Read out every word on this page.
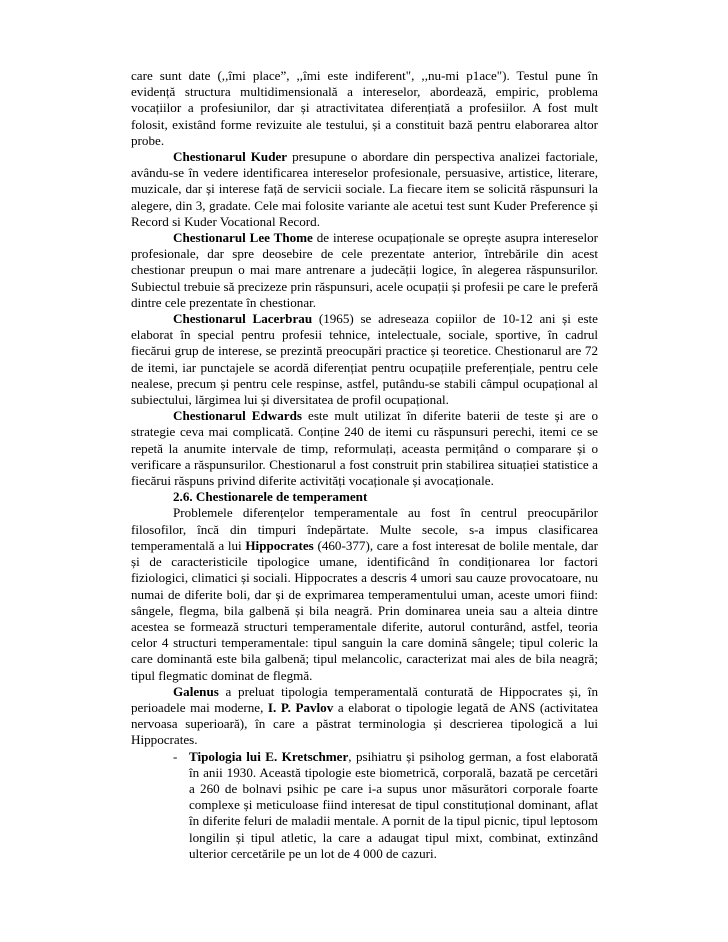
care sunt date (,,îmi place”, ,,îmi este indiferent", ,,nu-mi p1ace"). Testul pune în evidență structura multidimensională a intereselor, abordează, empiric, problema vocațiilor a profesiunilor, dar și atractivitatea diferențiată a profesiilor. A fost mult folosit, existând forme revizuite ale testului, și a constituit bază pentru elaborarea altor probe.

Chestionarul Kuder presupune o abordare din perspectiva analizei factoriale, avându-se în vedere identificarea intereselor profesionale, persuasive, artistice, literare, muzicale, dar și interese față de servicii sociale. La fiecare item se solicită răspunsuri la alegere, din 3, gradate. Cele mai folosite variante ale acetui test sunt Kuder Preference și Record si Kuder Vocational Record.

Chestionarul Lee Thome de interese ocupaționale se oprește asupra intereselor profesionale, dar spre deosebire de cele prezentate anterior, întrebările din acest chestionar preupun o mai mare antrenare a judecății logice, în alegerea răspunsurilor. Subiectul trebuie să precizeze prin răspunsuri, acele ocupații și profesii pe care le preferă dintre cele prezentate în chestionar.

Chestionarul Lacerbrau (1965) se adreseaza copiilor de 10-12 ani și este elaborat în special pentru profesii tehnice, intelectuale, sociale, sportive, în cadrul fiecărui grup de interese, se prezintă preocupări practice și teoretice. Chestionarul are 72 de itemi, iar punctajele se acordă diferențiat pentru ocupațiile preferențiale, pentru cele nealese, precum și pentru cele respinse, astfel, putându-se stabili câmpul ocupațional al subiectului, lărgimea lui și diversitatea de profil ocupațional.

Chestionarul Edwards este mult utilizat în diferite baterii de teste și are o strategie ceva mai complicată. Conține 240 de itemi cu răspunsuri perechi, itemi ce se repetă la anumite intervale de timp, reformulați, aceasta permițând o comparare și o verificare a răspunsurilor. Chestionarul a fost construit prin stabilirea situației statistice a fiecărui răspuns privind diferite activități vocaționale și avocaționale.

2.6. Chestionarele de temperament

Problemele diferențelor temperamentale au fost în centrul preocupărilor filosofilor, încă din timpuri îndepărtate. Multe secole, s-a impus clasificarea temperamentală a lui Hippocrates (460-377), care a fost interesat de bolile mentale, dar și de caracteristicile tipologice umane, identificând în condiționarea lor factori fiziologici, climatici și sociali. Hippocrates a descris 4 umori sau cauze provocatoare, nu numai de diferite boli, dar și de exprimarea temperamentului uman, aceste umori fiind: sângele, flegma, bila galbenă și bila neagră. Prin dominarea uneia sau a alteia dintre acestea se formează structuri temperamentale diferite, autorul conturând, astfel, teoria celor 4 structuri temperamentale: tipul sanguin la care domină sângele; tipul coleric la care dominantă este bila galbenă; tipul melancolic, caracterizat mai ales de bila neagră; tipul flegmatic dominat de flegmă.

Galenus a preluat tipologia temperamentală conturată de Hippocrates și, în perioadele mai moderne, I. P. Pavlov a elaborat o tipologie legată de ANS (activitatea nervoasa superioară), în care a păstrat terminologia și descrierea tipologică a lui Hippocrates.

- Tipologia lui E. Kretschmer, psihiatru și psiholog german, a fost elaborată în anii 1930. Această tipologie este biometrică, corporală, bazată pe cercetări a 260 de bolnavi psihic pe care i-a supus unor măsurători corporale foarte complexe și meticuloase fiind interesat de tipul constituțional dominant, aflat în diferite feluri de maladii mentale. A pornit de la tipul picnic, tipul leptosom longilin și tipul atletic, la care a adaugat tipul mixt, combinat, extinzând ulterior cercetările pe un lot de 4 000 de cazuri.
